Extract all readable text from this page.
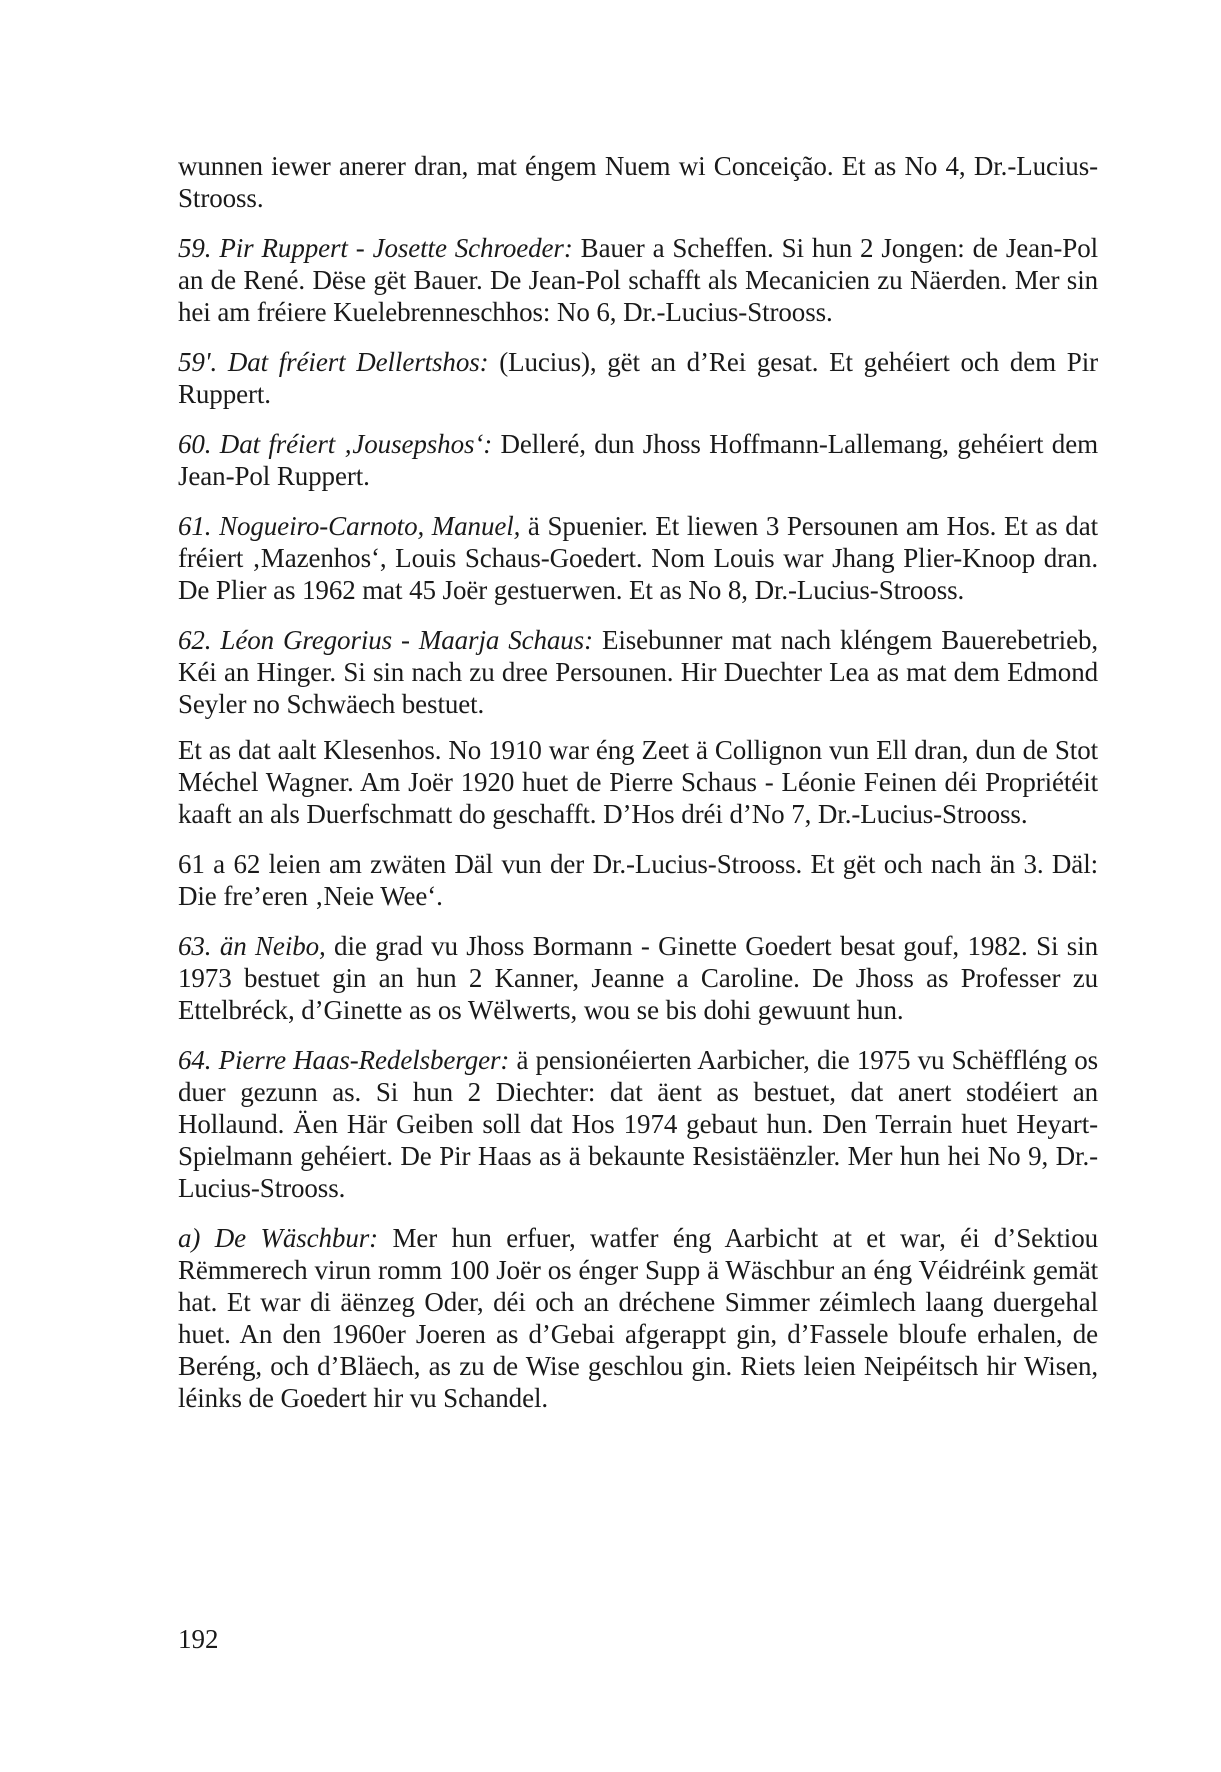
wunnen iewer anerer dran, mat éngem Nuem wi Conceição. Et as No 4, Dr.-Lucius-Strooss.

59. Pir Ruppert - Josette Schroeder: Bauer a Scheffen. Si hun 2 Jongen: de Jean-Pol an de René. Dëse gët Bauer. De Jean-Pol schafft als Mecanicien zu Näerden. Mer sin hei am fréiere Kuelebrenneschhos: No 6, Dr.-Lucius-Strooss.

59'. Dat fréiert Dellertshos: (Lucius), gët an d’Rei gesat. Et gehéiert och dem Pir Ruppert.

60. Dat fréiert ‚Jousepshos‘: Delleré, dun Jhoss Hoffmann-Lallemang, gehéiert dem Jean-Pol Ruppert.

61. Nogueiro-Carnoto, Manuel, ä Spuenier. Et liewen 3 Persounen am Hos. Et as dat fréiert ‚Mazenhos‘, Louis Schaus-Goedert. Nom Louis war Jhang Plier-Knoop dran. De Plier as 1962 mat 45 Joër gestuerwen. Et as No 8, Dr.-Lucius-Strooss.

62. Léon Gregorius - Maarja Schaus: Eisebunner mat nach kléngem Bauerebetrieb, Kéi an Hinger. Si sin nach zu dree Persounen. Hir Duechter Lea as mat dem Edmond Seyler no Schwäech bestuet.

Et as dat aalt Klesenhos. No 1910 war éng Zeet ä Collignon vun Ell dran, dun de Stot Méchel Wagner. Am Joër 1920 huet de Pierre Schaus - Léonie Feinen déi Propriétéit kaaft an als Duerfschmatt do geschafft. D’Hos dréi d’No 7, Dr.-Lucius-Strooss.

61 a 62 leien am zwäten Däl vun der Dr.-Lucius-Strooss. Et gët och nach än 3. Däl: Die fre’eren ‚Neie Wee‘.

63. än Neibo, die grad vu Jhoss Bormann - Ginette Goedert besat gouf, 1982. Si sin 1973 bestuet gin an hun 2 Kanner, Jeanne a Caroline. De Jhoss as Professer zu Ettelbréck, d’Ginette as os Wëlwerts, wou se bis dohi gewuunt hun.

64. Pierre Haas-Redelsberger: ä pensionéierten Aarbicher, die 1975 vu Schëffléng os duer gezunn as. Si hun 2 Diechter: dat äent as bestuet, dat anert stodéiert an Hollaund. Äen Här Geiben soll dat Hos 1974 gebaut hun. Den Terrain huet Heyart-Spielmann gehéiert. De Pir Haas as ä bekaunte Resistäënzler. Mer hun hei No 9, Dr.-Lucius-Strooss.

a) De Wäschbur: Mer hun erfuer, watfer éng Aarbicht at et war, éi d’Sektiou Rëmmerech virun romm 100 Joër os énger Supp ä Wäschbur an éng Véidréink gemät hat. Et war di äënzeg Oder, déi och an dréchene Simmer zéimlech laang duergehal huet. An den 1960er Joeren as d’Gebai afgerappt gin, d’Fassele bloufe erhalen, de Beréng, och d’Bläech, as zu de Wise geschlou gin. Riets leien Neipéitsch hir Wisen, léinks de Goedert hir vu Schandel.

192
